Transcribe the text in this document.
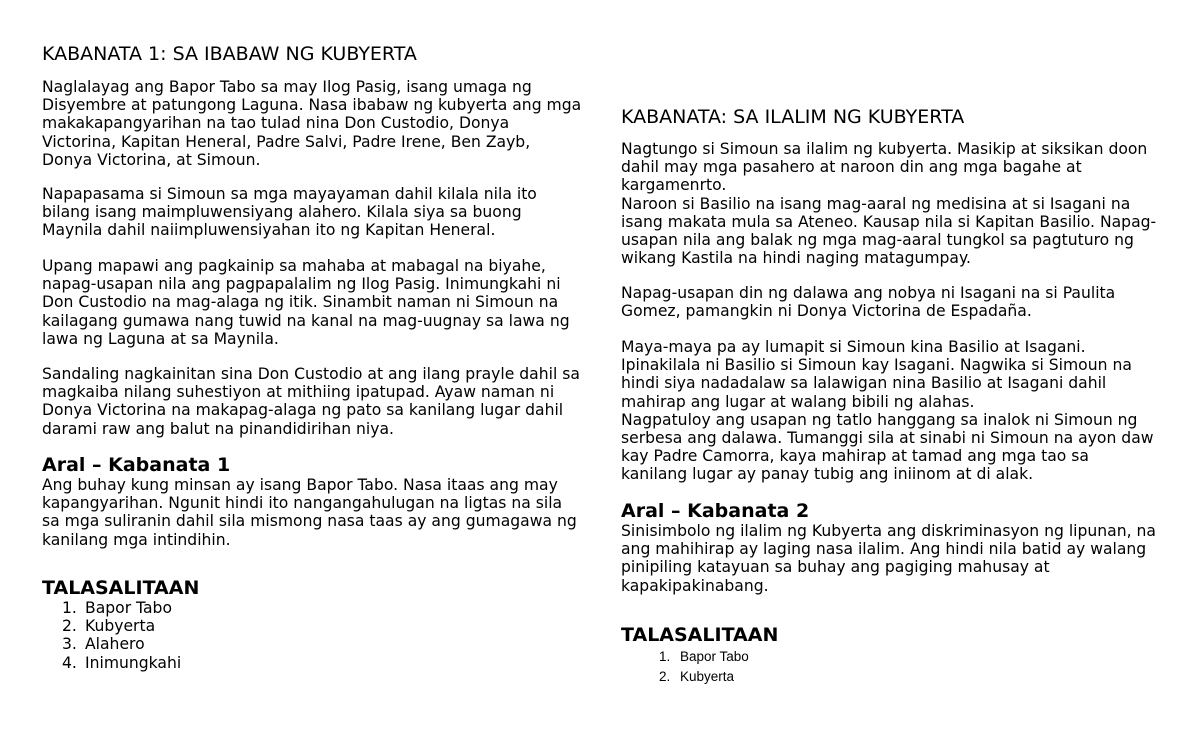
KABANATA 1: SA IBABAW NG KUBYERTA

Naglalayag ang Bapor Tabo sa may Ilog Pasig, isang umaga ng
Disyembre at patungong Laguna. Nasa ibabaw ng kubyerta ang mga
makakapangyarihan na tao tulad nina Don Custodio, Donya
Victorina, Kapitan Heneral, Padre Salvi, Padre Irene, Ben Zayb,
Donya Victorina, at Simoun.

Napapasama si Simoun sa mga mayayaman dahil kilala nila ito
bilang isang maimpluwensiyang alahero. Kilala siya sa buong
Maynila dahil naiimpluwensiyahan ito ng Kapitan Heneral.

Upang mapawi ang pagkainip sa mahaba at mabagal na biyahe,
napag-usapan nila ang pagpapalalim ng Ilog Pasig. Inimungkahi ni
Don Custodio na mag-alaga ng itik. Sinambit naman ni Simoun na
kailagang gumawa nang tuwid na kanal na mag-uugnay sa lawa ng
lawa ng Laguna at sa Maynila.

Sandaling nagkainitan sina Don Custodio at ang ilang prayle dahil sa
magkaiba nilang suhestiyon at mithiing ipatupad. Ayaw naman ni
Donya Victorina na makapag-alaga ng pato sa kanilang lugar dahil
darami raw ang balut na pinandidirihan niya.

Aral – Kabanata 1

Ang buhay kung minsan ay isang Bapor Tabo. Nasa itaas ang may
kapangyarihan. Ngunit hindi ito nangangahulugan na ligtas na sila
sa mga suliranin dahil sila mismong nasa taas ay ang gumagawa ng
kanilang mga intindihin.

TALASALITAAN
1. Bapor Tabo
2. Kubyerta
3. Alahero
4. Inimungkahi
KABANATA: SA ILALIM NG KUBYERTA

Nagtungo si Simoun sa ilalim ng kubyerta. Masikip at siksikan doon
dahil may mga pasahero at naroon din ang mga bagahe at
kargamenrto.
Naroon si Basilio na isang mag-aaral ng medisina at si Isagani na
isang makata mula sa Ateneo. Kausap nila si Kapitan Basilio. Napag-
usapan nila ang balak ng mga mag-aaral tungkol sa pagtuturo ng
wikang Kastila na hindi naging matagumpay.

Napag-usapan din ng dalawa ang nobya ni Isagani na si Paulita
Gomez, pamangkin ni Donya Victorina de Espadaña.

Maya-maya pa ay lumapit si Simoun kina Basilio at Isagani.
Ipinakilala ni Basilio si Simoun kay Isagani. Nagwika si Simoun na
hindi siya nadadalaw sa lalawigan nina Basilio at Isagani dahil
mahirap ang lugar at walang bibili ng alahas.
Nagpatuloy ang usapan ng tatlo hanggang sa inalok ni Simoun ng
serbesa ang dalawa. Tumanggi sila at sinabi ni Simoun na ayon daw
kay Padre Camorra, kaya mahirap at tamad ang mga tao sa
kanilang lugar ay panay tubig ang iniinom at di alak.

Aral – Kabanata 2

Sinisimbolo ng ilalim ng Kubyerta ang diskriminasyon ng lipunan, na
ang mahihirap ay laging nasa ilalim. Ang hindi nila batid ay walang
pinipiling katayuan sa buhay ang pagiging mahusay at
kapakipakinabang.

TALASALITAAN
1. Bapor Tabo
2. Kubyerta
